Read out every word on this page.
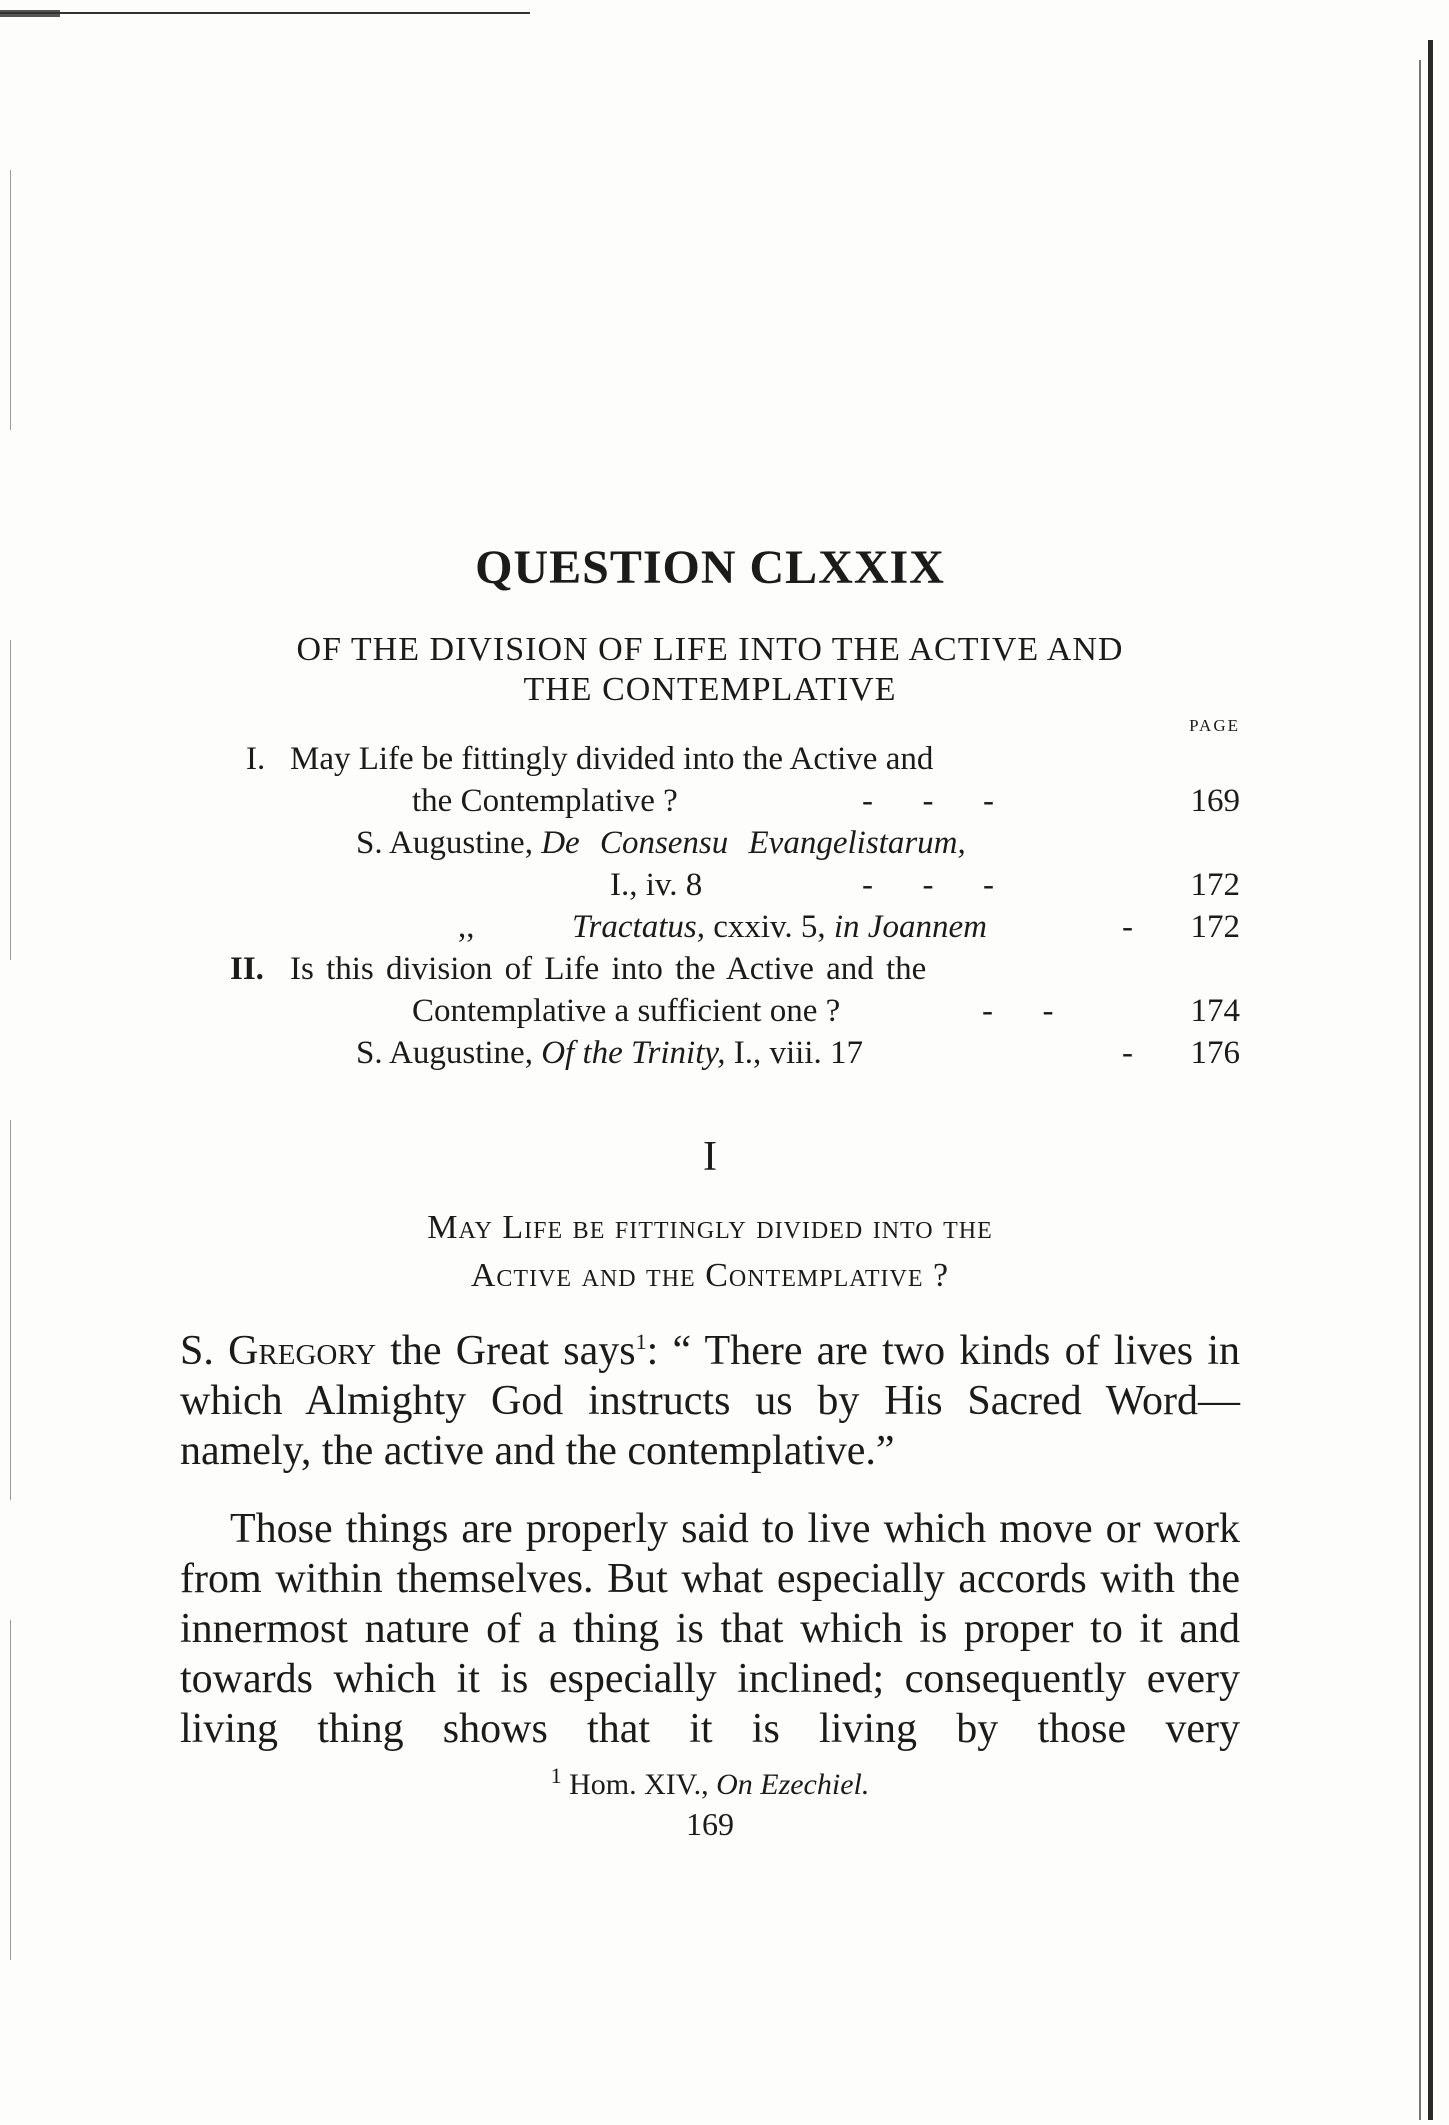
QUESTION CLXXIX
OF THE DIVISION OF LIFE INTO THE ACTIVE AND
THE CONTEMPLATIVE
PAGE
I. May Life be fittingly divided into the Active and
the Contemplative ?	-      -      -	169
S. Augustine, De Consensu Evangelistarum,
I., iv. 8	-      -      -	172
,,	Tractatus, cxxiv. 5, in Joannem	-	172
II. Is this division of Life into the Active and the
Contemplative a sufficient one ?	-      -	174
S. Augustine, Of the Trinity, I., viii. 17	-	176
I
May Life be fittingly divided into the
Active and the Contemplative ?

S. Gregory the Great says$^1$: “ There are two kinds of lives in which Almighty God instructs us by His Sacred Word—namely, the active and the contemplative.”

Those things are properly said to live which move or work from within themselves. But what especially accords with the innermost nature of a thing is that which is proper to it and towards which it is especially inclined; consequently every living thing shows that it is living by those very

$^1$ Hom. XIV., On Ezechiel.
169
